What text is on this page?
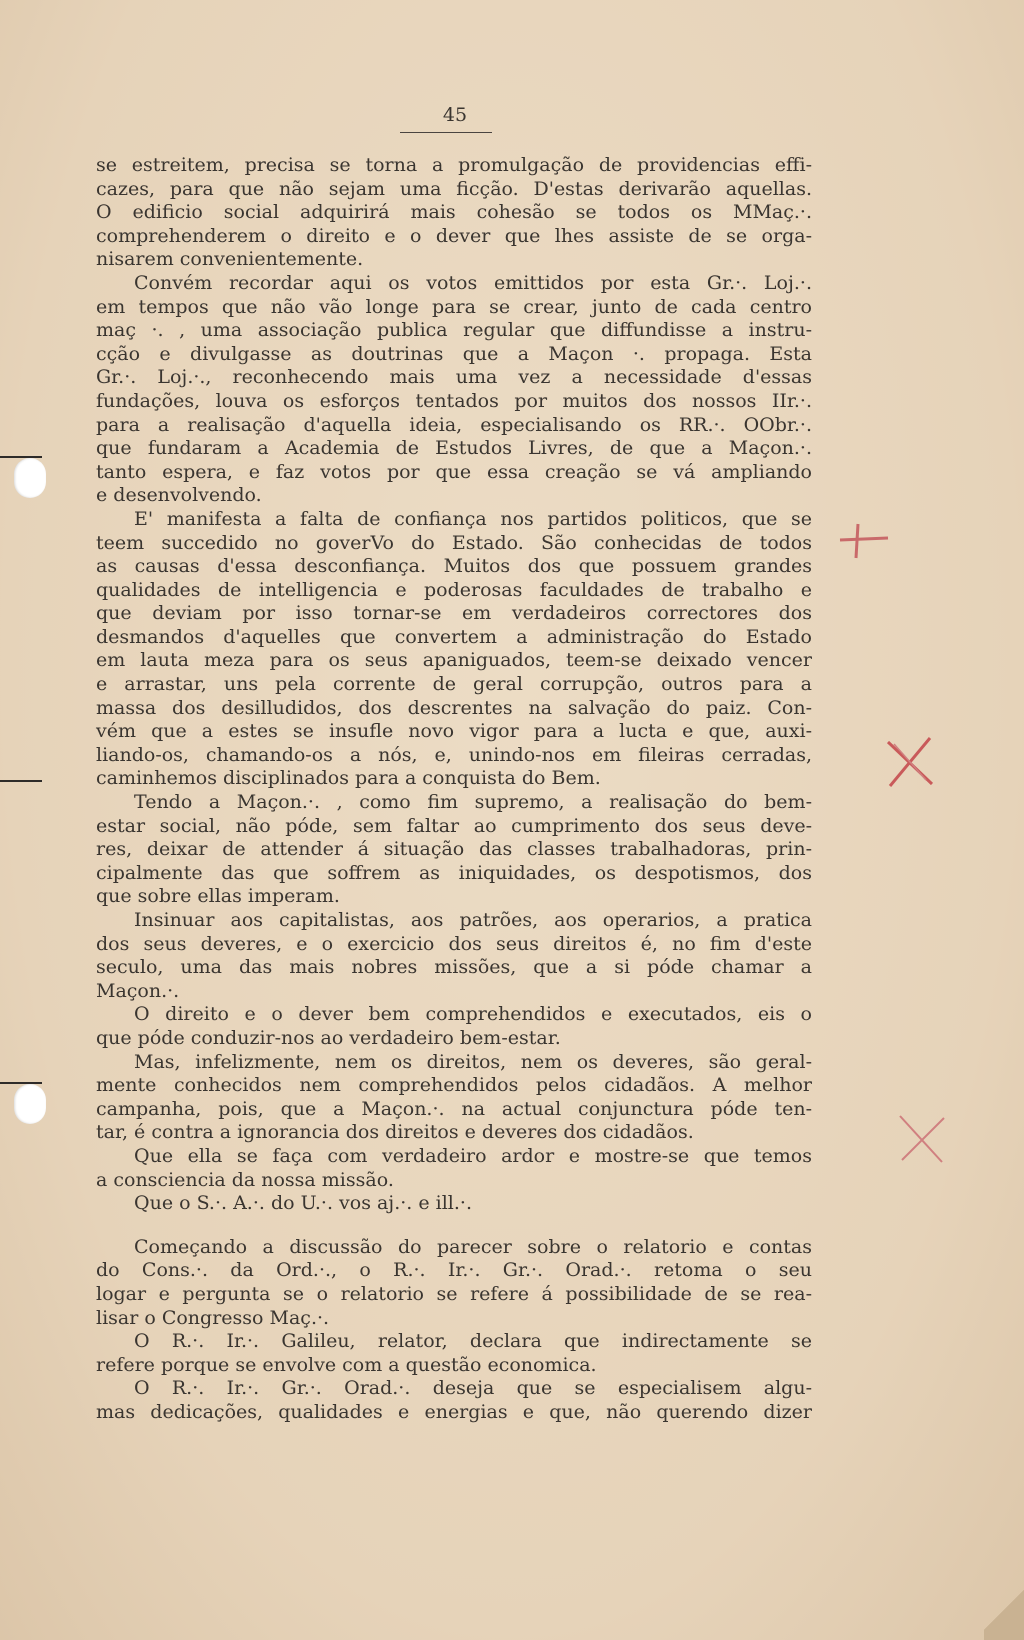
45
se estreitem, precisa se torna a promulgação de providencias effi-
cazes, para que não sejam uma ficção. D'estas derivarão aquellas.
O edificio social adquirirá mais cohesão se todos os MMaç.·.
comprehenderem o direito e o dever que lhes assiste de se orga-
nisarem convenientemente.
Convém recordar aqui os votos emittidos por esta Gr.·. Loj.·.
em tempos que não vão longe para se crear, junto de cada centro
maç ·. , uma associação publica regular que diffundisse a instru-
cção e divulgasse as doutrinas que a Maçon ·. propaga. Esta
Gr.·. Loj.·., reconhecendo mais uma vez a necessidade d'essas
fundações, louva os esforços tentados por muitos dos nossos IIr.·.
para a realisação d'aquella ideia, especialisando os RR.·. OObr.·.
que fundaram a Academia de Estudos Livres, de que a Maçon.·.
tanto espera, e faz votos por que essa creação se vá ampliando
e desenvolvendo.
E' manifesta a falta de confiança nos partidos politicos, que se
teem succedido no goverVo do Estado. São conhecidas de todos
as causas d'essa desconfiança. Muitos dos que possuem grandes
qualidades de intelligencia e poderosas faculdades de trabalho e
que deviam por isso tornar-se em verdadeiros correctores dos
desmandos d'aquelles que convertem a administração do Estado
em lauta meza para os seus apaniguados, teem-se deixado vencer
e arrastar, uns pela corrente de geral corrupção, outros para a
massa dos desilludidos, dos descrentes na salvação do paiz. Con-
vém que a estes se insufle novo vigor para a lucta e que, auxi-
liando-os, chamando-os a nós, e, unindo-nos em fileiras cerradas,
caminhemos disciplinados para a conquista do Bem.
Tendo a Maçon.·. , como fim supremo, a realisação do bem-
estar social, não póde, sem faltar ao cumprimento dos seus deve-
res, deixar de attender á situação das classes trabalhadoras, prin-
cipalmente das que soffrem as iniquidades, os despotismos, dos
que sobre ellas imperam.
Insinuar aos capitalistas, aos patrões, aos operarios, a pratica
dos seus deveres, e o exercicio dos seus direitos é, no fim d'este
seculo, uma das mais nobres missões, que a si póde chamar a
Maçon.·.
O direito e o dever bem comprehendidos e executados, eis o
que póde conduzir-nos ao verdadeiro bem-estar.
Mas, infelizmente, nem os direitos, nem os deveres, são geral-
mente conhecidos nem comprehendidos pelos cidadãos. A melhor
campanha, pois, que a Maçon.·. na actual conjunctura póde ten-
tar, é contra a ignorancia dos direitos e deveres dos cidadãos.
Que ella se faça com verdadeiro ardor e mostre-se que temos
a consciencia da nossa missão.
Que o S.·. A.·. do U.·. vos aj.·. e ill.·.
Começando a discussão do parecer sobre o relatorio e contas
do Cons.·. da Ord.·., o R.·. Ir.·. Gr.·. Orad.·. retoma o seu
logar e pergunta se o relatorio se refere á possibilidade de se rea-
lisar o Congresso Maç.·.
O R.·. Ir.·. Galileu, relator, declara que indirectamente se
refere porque se envolve com a questão economica.
O R.·. Ir.·. Gr.·. Orad.·. deseja que se especialisem algu-
mas dedicações, qualidades e energias e que, não querendo dizer
